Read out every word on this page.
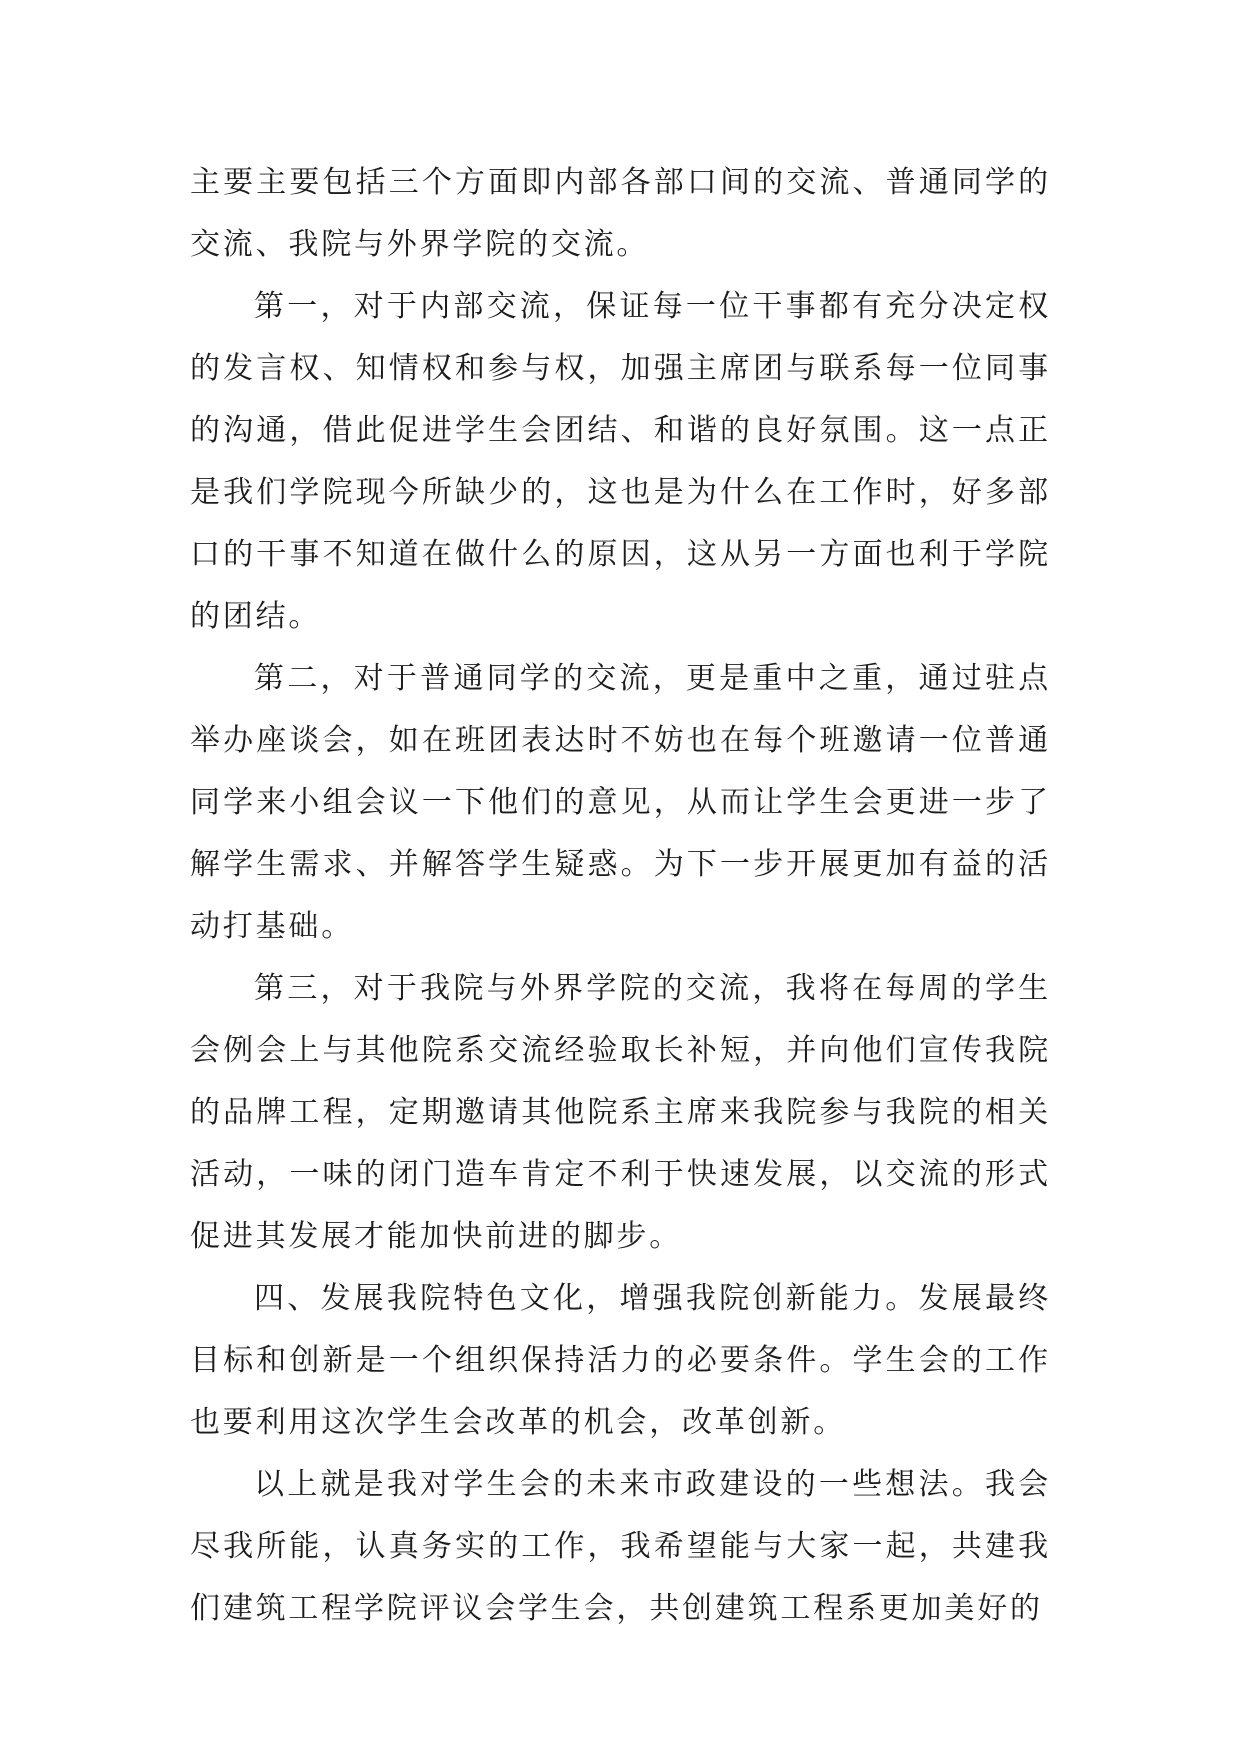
主要主要包括三个方面即内部各部口间的交流、普通同学的交流、我院与外界学院的交流。

第一，对于内部交流，保证每一位干事都有充分决定权的发言权、知情权和参与权，加强主席团与联系每一位同事的沟通，借此促进学生会团结、和谐的良好氛围。这一点正是我们学院现今所缺少的，这也是为什么在工作时，好多部口的干事不知道在做什么的原因，这从另一方面也利于学院的团结。

第二，对于普通同学的交流，更是重中之重，通过驻点举办座谈会，如在班团表达时不妨也在每个班邀请一位普通同学来小组会议一下他们的意见，从而让学生会更进一步了解学生需求、并解答学生疑惑。为下一步开展更加有益的活动打基础。

第三，对于我院与外界学院的交流，我将在每周的学生会例会上与其他院系交流经验取长补短，并向他们宣传我院的品牌工程，定期邀请其他院系主席来我院参与我院的相关活动，一味的闭门造车肯定不利于快速发展，以交流的形式促进其发展才能加快前进的脚步。

四、发展我院特色文化，增强我院创新能力。发展最终目标和创新是一个组织保持活力的必要条件。学生会的工作也要利用这次学生会改革的机会，改革创新。

以上就是我对学生会的未来市政建设的一些想法。我会尽我所能，认真务实的工作，我希望能与大家一起，共建我们建筑工程学院评议会学生会，共创建筑工程系更加美好的
